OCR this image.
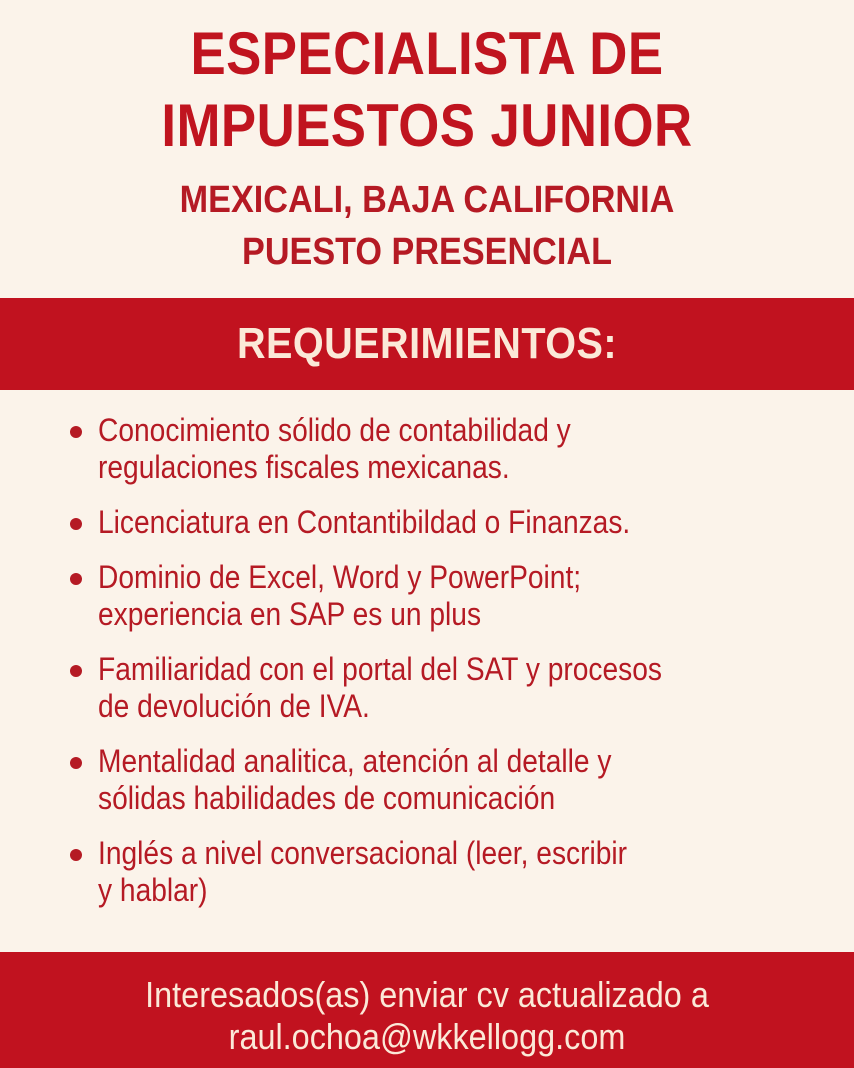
ESPECIALISTA DE
IMPUESTOS JUNIOR
MEXICALI, BAJA CALIFORNIA
PUESTO PRESENCIAL
REQUERIMIENTOS:
Conocimiento sólido de contabilidad y
regulaciones fiscales mexicanas.
Licenciatura en Contantibildad o Finanzas.
Dominio de Excel, Word y PowerPoint;
experiencia en SAP es un plus
Familiaridad con el portal del SAT y procesos
de devolución de IVA.
Mentalidad analitica, atención al detalle y
sólidas habilidades de comunicación
Inglés a nivel conversacional (leer, escribir
y hablar)
Interesados(as) enviar cv actualizado a
raul.ochoa@wkkellogg.com
